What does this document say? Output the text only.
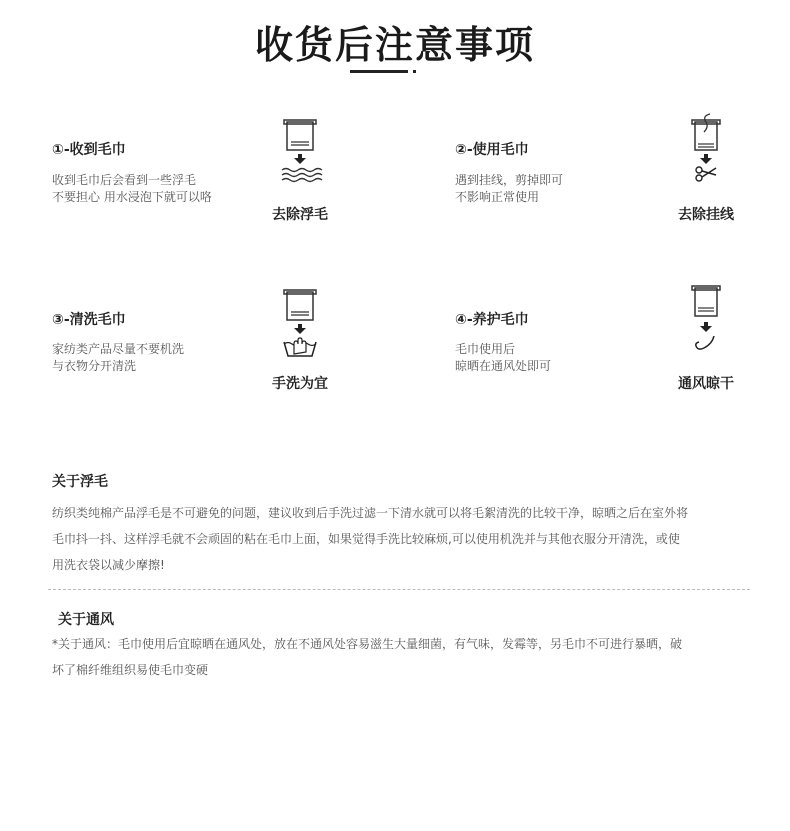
收货后注意事项
①-收到毛巾
收到毛巾后会看到一些浮毛
不要担心 用水浸泡下就可以咯
去除浮毛
②-使用毛巾
遇到挂线，剪掉即可
不影响正常使用
去除挂线
③-清洗毛巾
家纺类产品尽量不要机洗
与衣物分开清洗
手洗为宜
④-养护毛巾
毛巾使用后
晾晒在通风处即可
通风晾干
关于浮毛
纺织类纯棉产品浮毛是不可避免的问题，建议收到后手洗过滤一下清水就可以将毛絮清洗的比较干净，晾晒之后在室外将
毛巾抖一抖、这样浮毛就不会顽固的粘在毛巾上面，如果觉得手洗比较麻烦,可以使用机洗并与其他衣服分开清洗，或使
用洗衣袋以减少摩擦!
关于通风
*关于通风：毛巾使用后宜晾晒在通风处，放在不通风处容易滋生大量细菌，有气味，发霉等，另毛巾不可进行暴晒，破
坏了棉纤维组织易使毛巾变硬
